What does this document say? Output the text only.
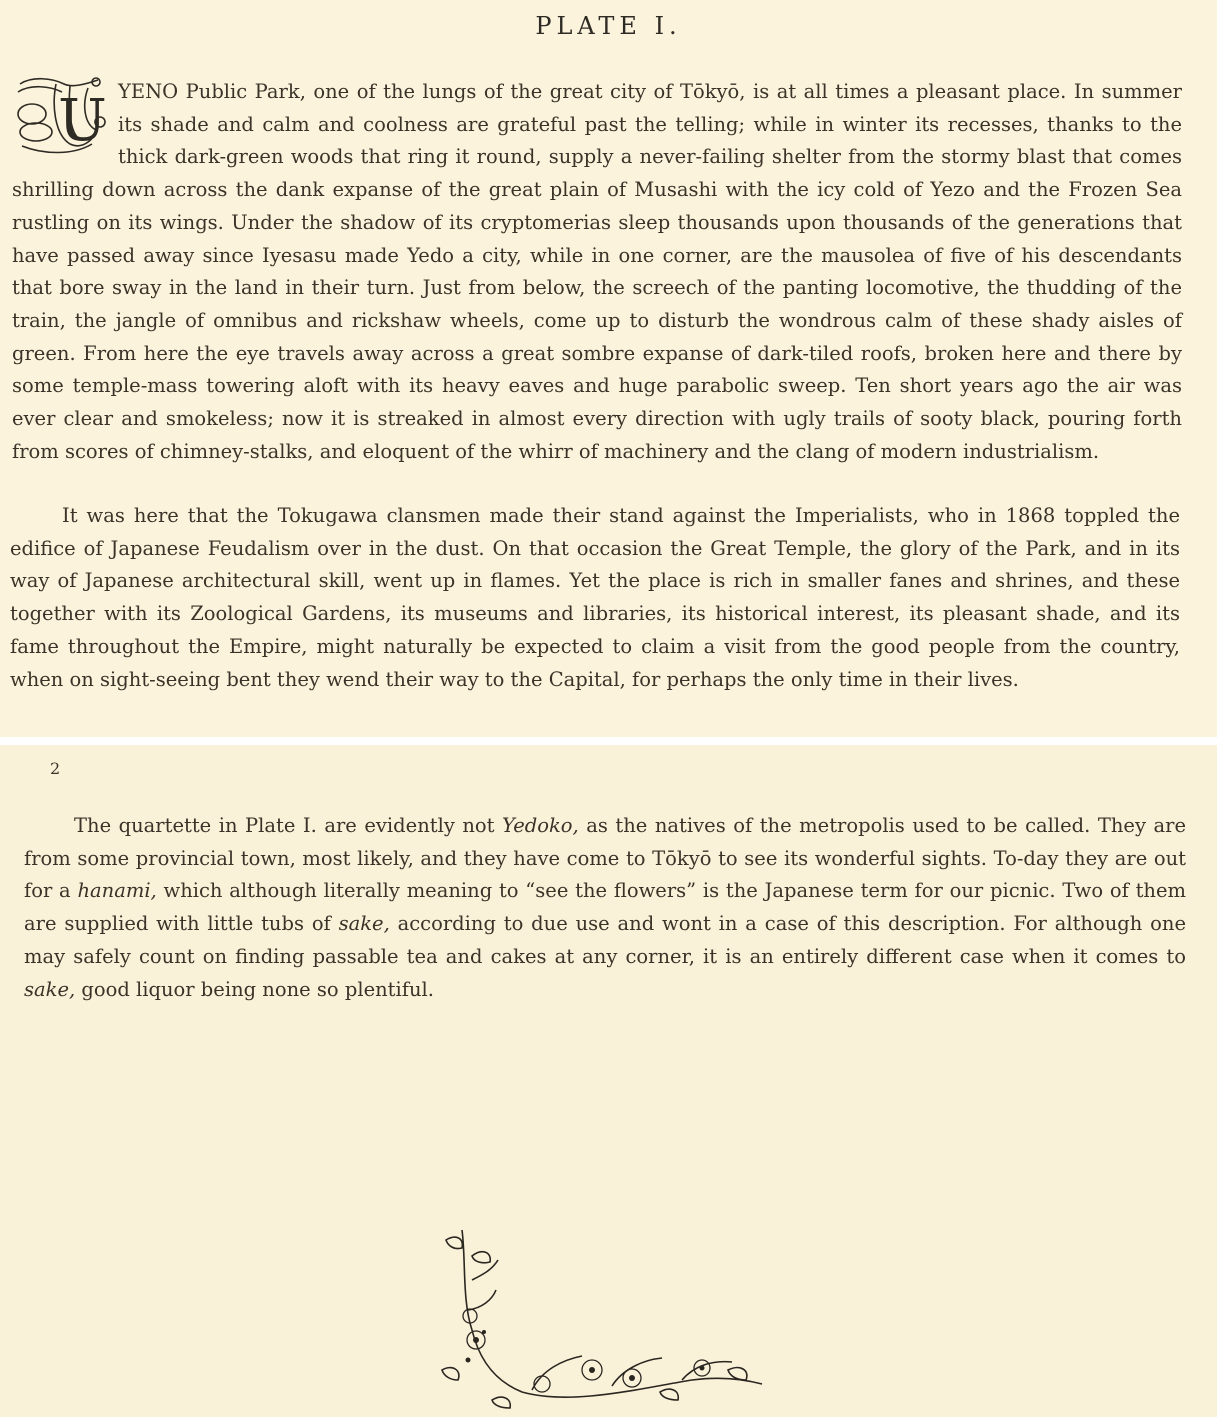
PLATE I.

U YENO Public Park, one of the lungs of the great city of Tōkyō, is at all times a pleasant place. In summer its shade and calm and coolness are grateful past the telling; while in winter its recesses, thanks to the thick dark-green woods that ring it round, supply a never-failing shelter from the stormy blast that comes shrilling down across the dank expanse of the great plain of Musashi with the icy cold of Yezo and the Frozen Sea rustling on its wings. Under the shadow of its cryptomerias sleep thousands upon thousands of the generations that have passed away since Iyesasu made Yedo a city, while in one corner, are the mausolea of five of his descendants that bore sway in the land in their turn. Just from below, the screech of the panting locomotive, the thudding of the train, the jangle of omnibus and rickshaw wheels, come up to disturb the wondrous calm of these shady aisles of green. From here the eye travels away across a great sombre expanse of dark-tiled roofs, broken here and there by some temple-mass towering aloft with its heavy eaves and huge parabolic sweep. Ten short years ago the air was ever clear and smokeless; now it is streaked in almost every direction with ugly trails of sooty black, pouring forth from scores of chimney-stalks, and eloquent of the whirr of machinery and the clang of modern industrialism.

It was here that the Tokugawa clansmen made their stand against the Imperialists, who in 1868 toppled the edifice of Japanese Feudalism over in the dust. On that occasion the Great Temple, the glory of the Park, and in its way of Japanese architectural skill, went up in flames. Yet the place is rich in smaller fanes and shrines, and these together with its Zoological Gardens, its museums and libraries, its historical interest, its pleasant shade, and its fame throughout the Empire, might naturally be expected to claim a visit from the good people from the country, when on sight-seeing bent they wend their way to the Capital, for perhaps the only time in their lives.

2

The quartette in Plate I. are evidently not Yedoko, as the natives of the metropolis used to be called. They are from some provincial town, most likely, and they have come to Tōkyō to see its wonderful sights. To-day they are out for a hanami, which although literally meaning to “see the flowers” is the Japanese term for our picnic. Two of them are supplied with little tubs of sake, according to due use and wont in a case of this description. For although one may safely count on finding passable tea and cakes at any corner, it is an entirely different case when it comes to sake, good liquor being none so plentiful.
